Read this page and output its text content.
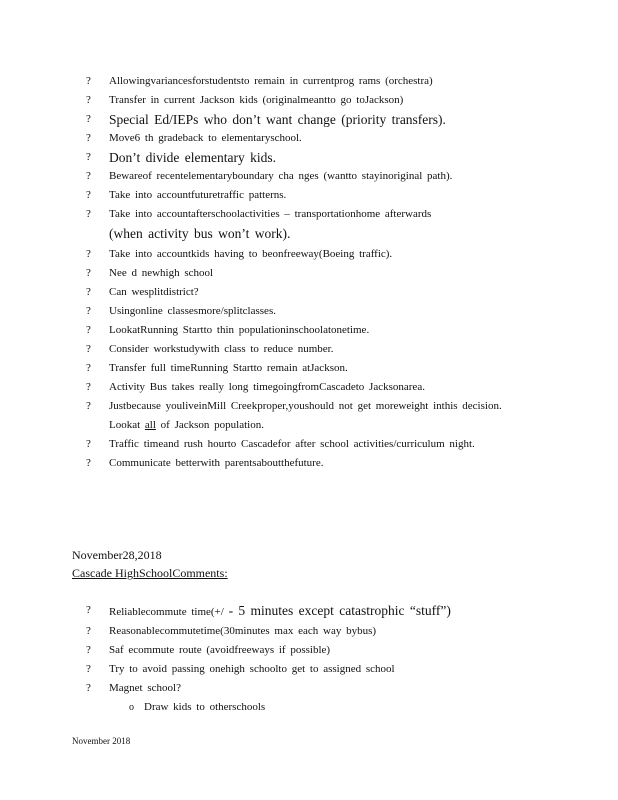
?	Allowingvariancesforstudentsto remain in currentprog rams (orchestra)
?	Transfer in current Jackson kids (originalmeantto go toJackson)
?	Special Ed/IEPs who don’t want change (priority transfers).
?	Move6 th gradeback to elementaryschool.
?	Don’t divide elementary kids.
?	Bewareof recentelementaryboundary cha nges (wantto stayinoriginal path).
?	Take into accountfuturetraffic patterns.
?	Take into accountafterschoolactivities – transportationhome afterwards
(when activity bus won’t work).
?	Take into accountkids having to beonfreeway(Boeing traffic).
?	Nee d newhigh school
?	Can wesplitdistrict?
?	Usingonline classesmore/splitclasses.
?	LookatRunning Startto thin populationinschoolatonetime.
?	Consider workstudywith class to reduce number.
?	Transfer full timeRunning Startto remain atJackson.
?	Activity Bus takes really long timegoingfromCascadeto Jacksonarea.
?	Justbecause youliveinMill Creekproper,youshould not get moreweight inthis decision. Lookat all of Jackson population.
?	Traffic timeand rush hourto Cascadefor after school activities/curriculum night.
?	Communicate betterwith parentsaboutthefuture.
November28,2018
Cascade HighSchoolComments:
?	Reliablecommute time(+/ - 5 minutes except catastrophic “stuff”)
?	Reasonablecommutetime(30minutes max each way bybus)
?	Saf ecommute route (avoidfreeways if possible)
?	Try to avoid passing onehigh schoolto get to assigned school
?	Magnet school?
o Draw kids to otherschools
November 2018
